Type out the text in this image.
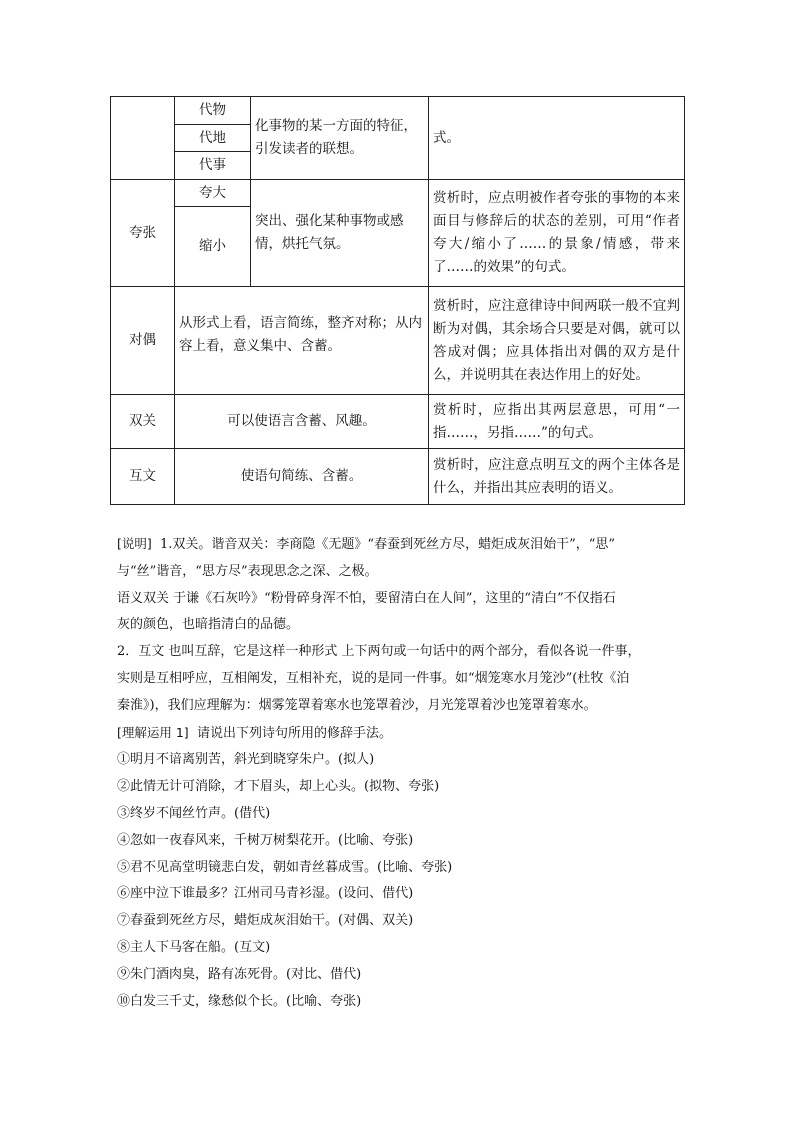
	代物	化事物的某一方面的特征，引发读者的联想。	式。
	代地		
	代事		
夸张	夸大	突出、强化某种事物或感情，烘托气氛。	赏析时，应点明被作者夸张的事物的本来面目与修辞后的状态的差别，可用“作者夸大/缩小了……的景象/情感，带来了……的效果”的句式。
	缩小		
对偶	从形式上看，语言简练，整齐对称；从内容上看，意义集中、含蓄。		赏析时，应注意律诗中间两联一般不宜判断为对偶，其余场合只要是对偶，就可以答成对偶；应具体指出对偶的双方是什么，并说明其在表达作用上的好处。
双关	可以使语言含蓄、风趣。		赏析时，应指出其两层意思，可用“一指……，另指……”的句式。
互文	使语句简练、含蓄。		赏析时，应注意点明互文的两个主体各是什么，并指出其应表明的语义。

[说明] 1.双关。谐音双关：李商隐《无题》“春蚕到死丝方尽，蜡炬成灰泪始干”，“思”

与“丝”谐音，“思方尽”表现思念之深、之极。

语义双关 于谦《石灰吟》“粉骨碎身浑不怕，要留清白在人间”，这里的“清白”不仅指石

灰的颜色，也暗指清白的品德。

2．互文 也叫互辞，它是这样一种形式 上下两句或一句话中的两个部分，看似各说一件事，

实则是互相呼应，互相阐发，互相补充，说的是同一件事。如“烟笼寒水月笼沙”(杜牧《泊

秦淮》)，我们应理解为：烟雾笼罩着寒水也笼罩着沙，月光笼罩着沙也笼罩着寒水。

[理解运用 1] 请说出下列诗句所用的修辞手法。

①明月不谙离别苦，斜光到晓穿朱户。(拟人)

②此情无计可消除，才下眉头，却上心头。(拟物、夸张)

③终岁不闻丝竹声。(借代)

④忽如一夜春风来，千树万树梨花开。(比喻、夸张)

⑤君不见高堂明镜悲白发，朝如青丝暮成雪。(比喻、夸张)

⑥座中泣下谁最多？江州司马青衫湿。(设问、借代)

⑦春蚕到死丝方尽，蜡炬成灰泪始干。(对偶、双关)

⑧主人下马客在船。(互文)

⑨朱门酒肉臭，路有冻死骨。(对比、借代)

⑩白发三千丈，缘愁似个长。(比喻、夸张)
